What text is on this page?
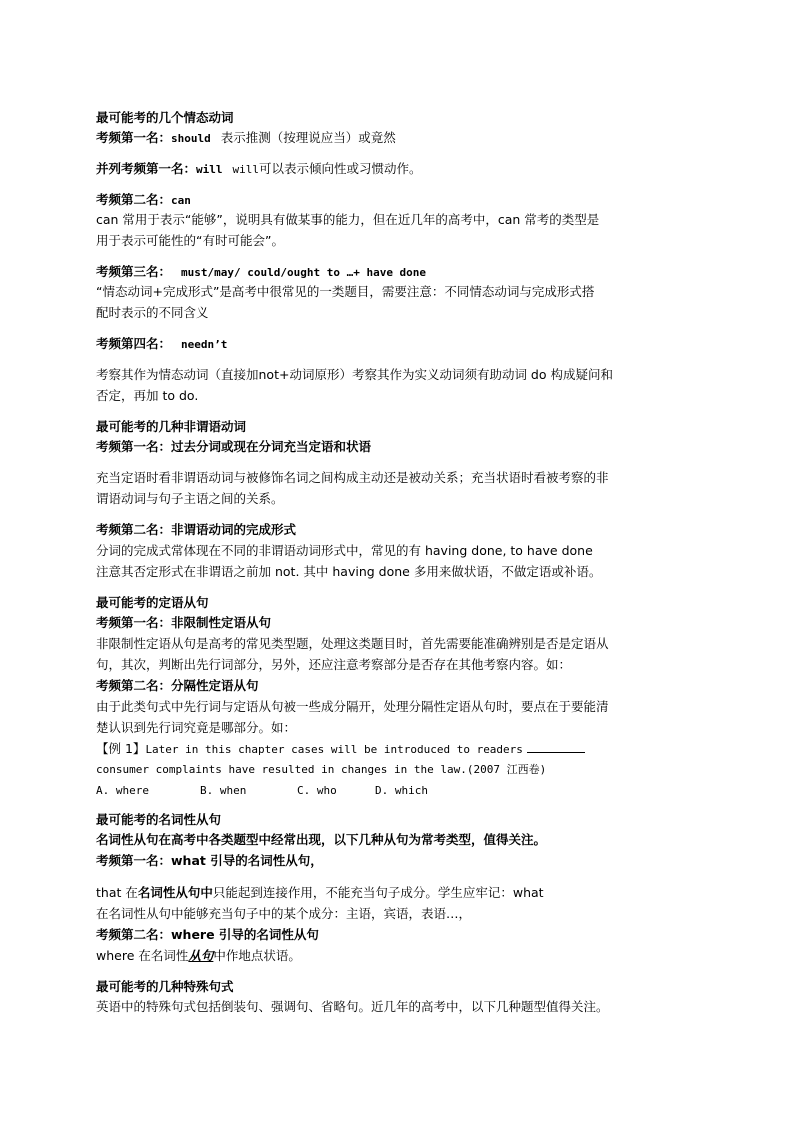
最可能考的几个情态动词
考频第一名：should 表示推测（按理说应当）或竟然
并列考频第一名：will will可以表示倾向性或习惯动作。
考频第二名：can
can 常用于表示“能够”，说明具有做某事的能力，但在近几年的高考中，can 常考的类型是
用于表示可能性的“有时可能会”。
考频第三名： must/may/ could/ought to …+ have done
“情态动词+完成形式”是高考中很常见的一类题目，需要注意：不同情态动词与完成形式搭
配时表示的不同含义
考频第四名： needn’t
考察其作为情态动词（直接加not+动词原形）考察其作为实义动词须有助动词 do 构成疑问和
否定，再加 to do.
最可能考的几种非谓语动词
考频第一名：过去分词或现在分词充当定语和状语
充当定语时看非谓语动词与被修饰名词之间构成主动还是被动关系；充当状语时看被考察的非
谓语动词与句子主语之间的关系。
考频第二名：非谓语动词的完成形式
分词的完成式常体现在不同的非谓语动词形式中，常见的有 having done, to have done
注意其否定形式在非谓语之前加 not. 其中 having done 多用来做状语，不做定语或补语。
最可能考的定语从句
考频第一名：非限制性定语从句
非限制性定语从句是高考的常见类型题，处理这类题目时，首先需要能准确辨别是否是定语从
句，其次，判断出先行词部分，另外，还应注意考察部分是否存在其他考察内容。如：
考频第二名：分隔性定语从句
由于此类句式中先行词与定语从句被一些成分隔开，处理分隔性定语从句时，要点在于要能清
楚认识到先行词究竟是哪部分。如：
【例 1】Later in this chapter cases will be introduced to readers
consumer complaints have resulted in changes in the law.(2007 江西卷)
A. where	B. when	C. who	D. which
最可能考的名词性从句
名词性从句在高考中各类题型中经常出现，以下几种从句为常考类型，值得关注。
考频第一名：what 引导的名词性从句，
that 在名词性从句中只能起到连接作用，不能充当句子成分。学生应牢记：what
在名词性从句中能够充当句子中的某个成分：主语，宾语，表语…，
考频第二名：where 引导的名词性从句
where 在名词性从句中作地点状语。
最可能考的几种特殊句式
英语中的特殊句式包括倒装句、强调句、省略句。近几年的高考中，以下几种题型值得关注。
